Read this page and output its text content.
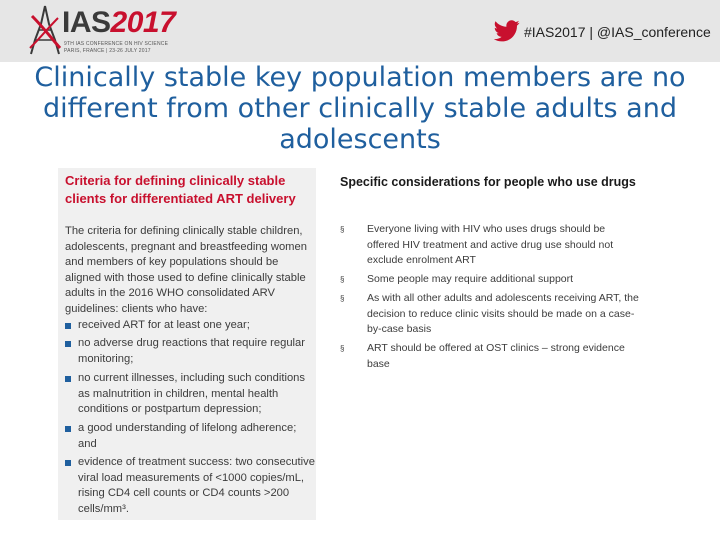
IAS2017
9TH IAS CONFERENCE ON HIV SCIENCE
PARIS, FRANCE | 23-26 JULY 2017
#IAS2017 | @IAS_conference
Clinically stable key population members are no different from other clinically stable adults and adolescents
Criteria for defining clinically stable clients for differentiated ART delivery
The criteria for defining clinically stable children, adolescents, pregnant and breastfeeding women and members of key populations should be aligned with those used to define clinically stable adults in the 2016 WHO consolidated ARV guidelines: clients who have:
received ART for at least one year;
no adverse drug reactions that require regular monitoring;
no current illnesses, including such conditions as malnutrition in children, mental health conditions or postpartum depression;
a good understanding of lifelong adherence; and
evidence of treatment success: two consecutive viral load measurements of <1000 copies/mL, rising CD4 cell counts or CD4 counts >200 cells/mm³.
Specific considerations for people who use drugs
§ Everyone living with HIV who uses drugs should be offered HIV treatment and active drug use should not exclude enrolment ART
§ Some people may require additional support
§ As with all other adults and adolescents receiving ART, the decision to reduce clinic visits should be made on a case-by-case basis
§ ART should be offered at OST clinics – strong evidence base
